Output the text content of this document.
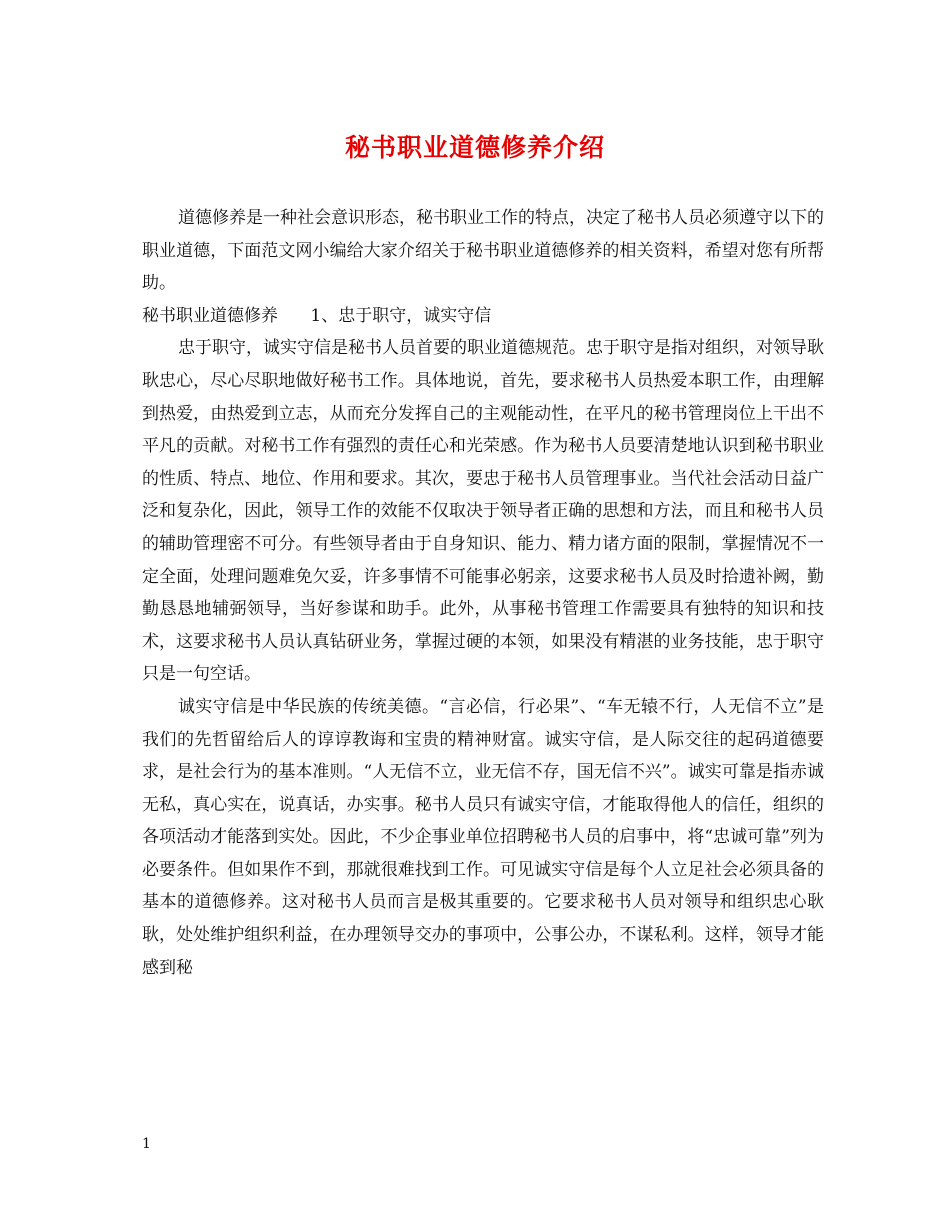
秘书职业道德修养介绍

道德修养是一种社会意识形态，秘书职业工作的特点，决定了秘书人员必须遵守以下的职业道德，下面范文网小编给大家介绍关于秘书职业道德修养的相关资料，希望对您有所帮助。

秘书职业道德修养      1、忠于职守，诚实守信

忠于职守，诚实守信是秘书人员首要的职业道德规范。忠于职守是指对组织，对领导耿耿忠心，尽心尽职地做好秘书工作。具体地说，首先，要求秘书人员热爱本职工作，由理解到热爱，由热爱到立志，从而充分发挥自己的主观能动性，在平凡的秘书管理岗位上干出不平凡的贡献。对秘书工作有强烈的责任心和光荣感。作为秘书人员要清楚地认识到秘书职业的性质、特点、地位、作用和要求。其次，要忠于秘书人员管理事业。当代社会活动日益广泛和复杂化，因此，领导工作的效能不仅取决于领导者正确的思想和方法，而且和秘书人员的辅助管理密不可分。有些领导者由于自身知识、能力、精力诸方面的限制，掌握情况不一定全面，处理问题难免欠妥，许多事情不可能事必躬亲，这要求秘书人员及时拾遗补阙，勤勤恳恳地辅弼领导，当好参谋和助手。此外，从事秘书管理工作需要具有独特的知识和技术，这要求秘书人员认真钻研业务，掌握过硬的本领，如果没有精湛的业务技能，忠于职守只是一句空话。

诚实守信是中华民族的传统美德。“言必信，行必果”、“车无辕不行，人无信不立”是我们的先哲留给后人的谆谆教诲和宝贵的精神财富。诚实守信，是人际交往的起码道德要求，是社会行为的基本准则。“人无信不立，业无信不存，国无信不兴”。诚实可靠是指赤诚无私，真心实在，说真话，办实事。秘书人员只有诚实守信，才能取得他人的信任，组织的各项活动才能落到实处。因此，不少企事业单位招聘秘书人员的启事中，将“忠诚可靠”列为必要条件。但如果作不到，那就很难找到工作。可见诚实守信是每个人立足社会必须具备的基本的道德修养。这对秘书人员而言是极其重要的。它要求秘书人员对领导和组织忠心耿耿，处处维护组织利益，在办理领导交办的事项中，公事公办，不谋私利。这样，领导才能感到秘

1
